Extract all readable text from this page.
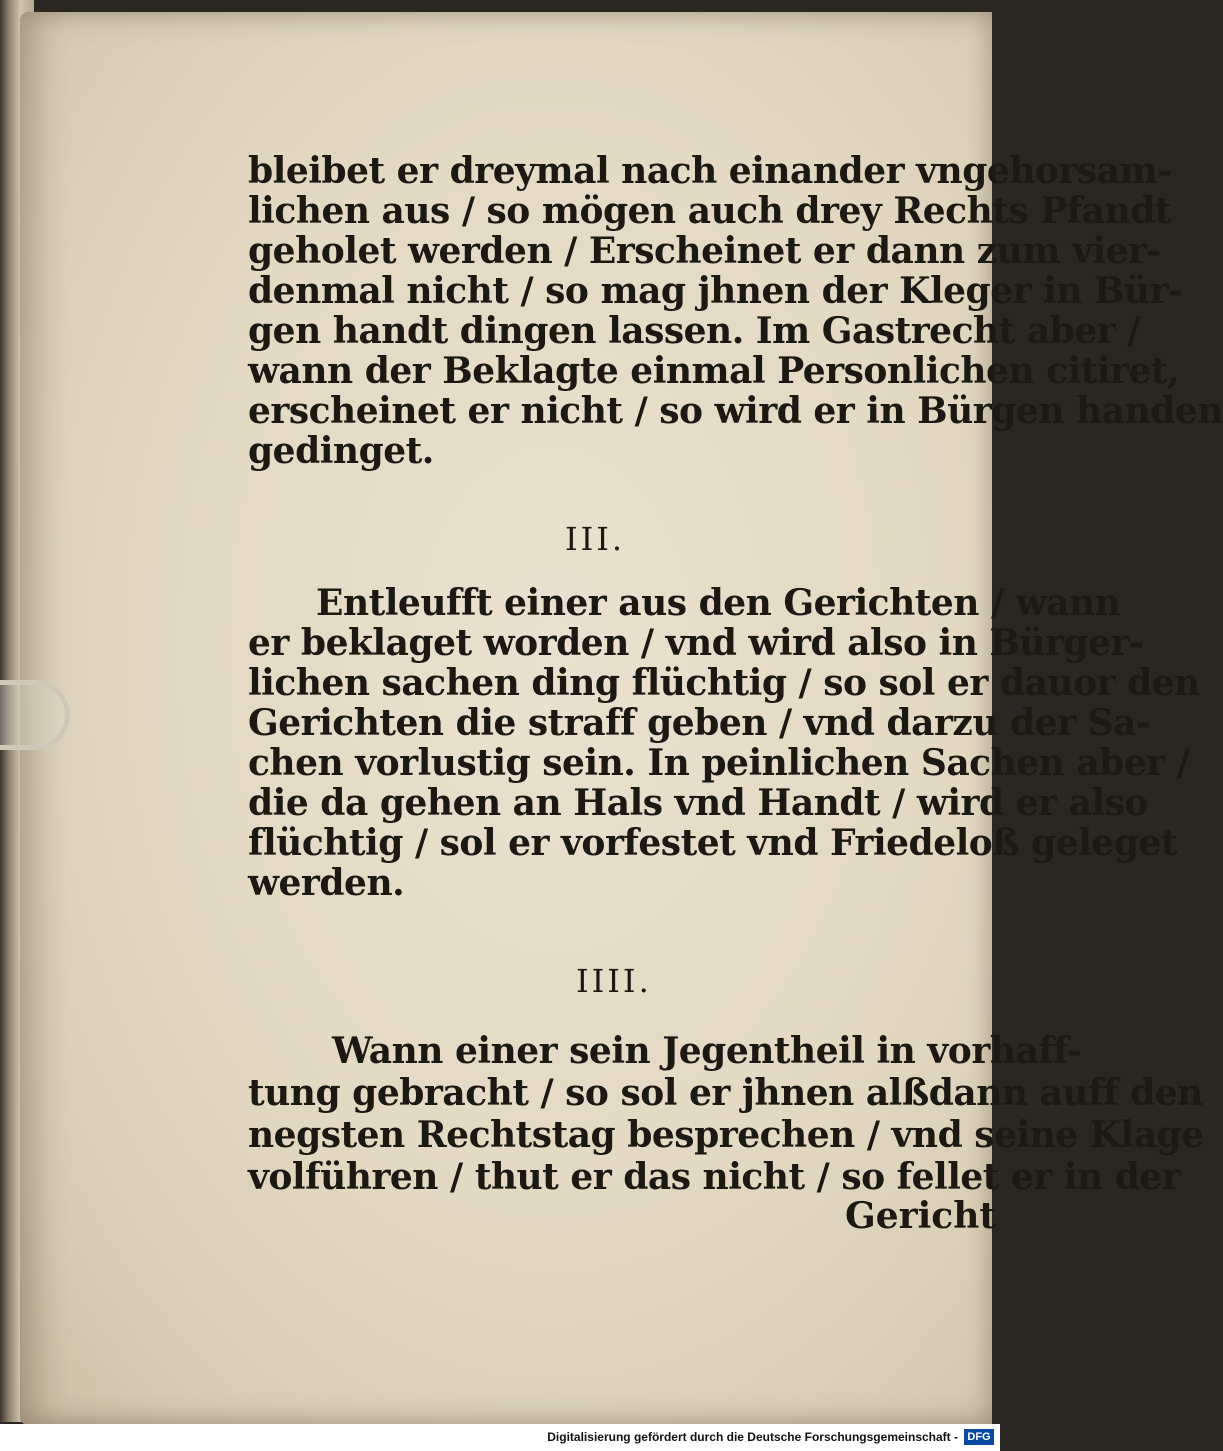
bleibet er dreymal nach einander vngehorsam-
lichen aus / so mögen auch drey Rechts Pfandt
geholet werden / Erscheinet er dann zum vier-
denmal nicht / so mag jhnen der Kleger in Bür-
gen handt dingen lassen. Im Gastrecht aber /
wann der Beklagte einmal Personlichen citiret,
erscheinet er nicht / so wird er in Bürgen handen
gedinget.
III.
Entleufft einer aus den Gerichten / wann
er beklaget worden / vnd wird also in Bürger-
lichen sachen ding flüchtig / so sol er dauor den
Gerichten die straff geben / vnd darzu der Sa-
chen vorlustig sein. In peinlichen Sachen aber /
die da gehen an Hals vnd Handt / wird er also
flüchtig / sol er vorfestet vnd Friedeloß geleget
werden.
IIII.
Wann einer sein Jegentheil in vorhaff-
tung gebracht / so sol er jhnen alßdann auff den
negsten Rechtstag besprechen / vnd seine Klage
volführen / thut er das nicht / so fellet er in der
Gericht
Digitalisierung gefördert durch die Deutsche Forschungsgemeinschaft - DFG
